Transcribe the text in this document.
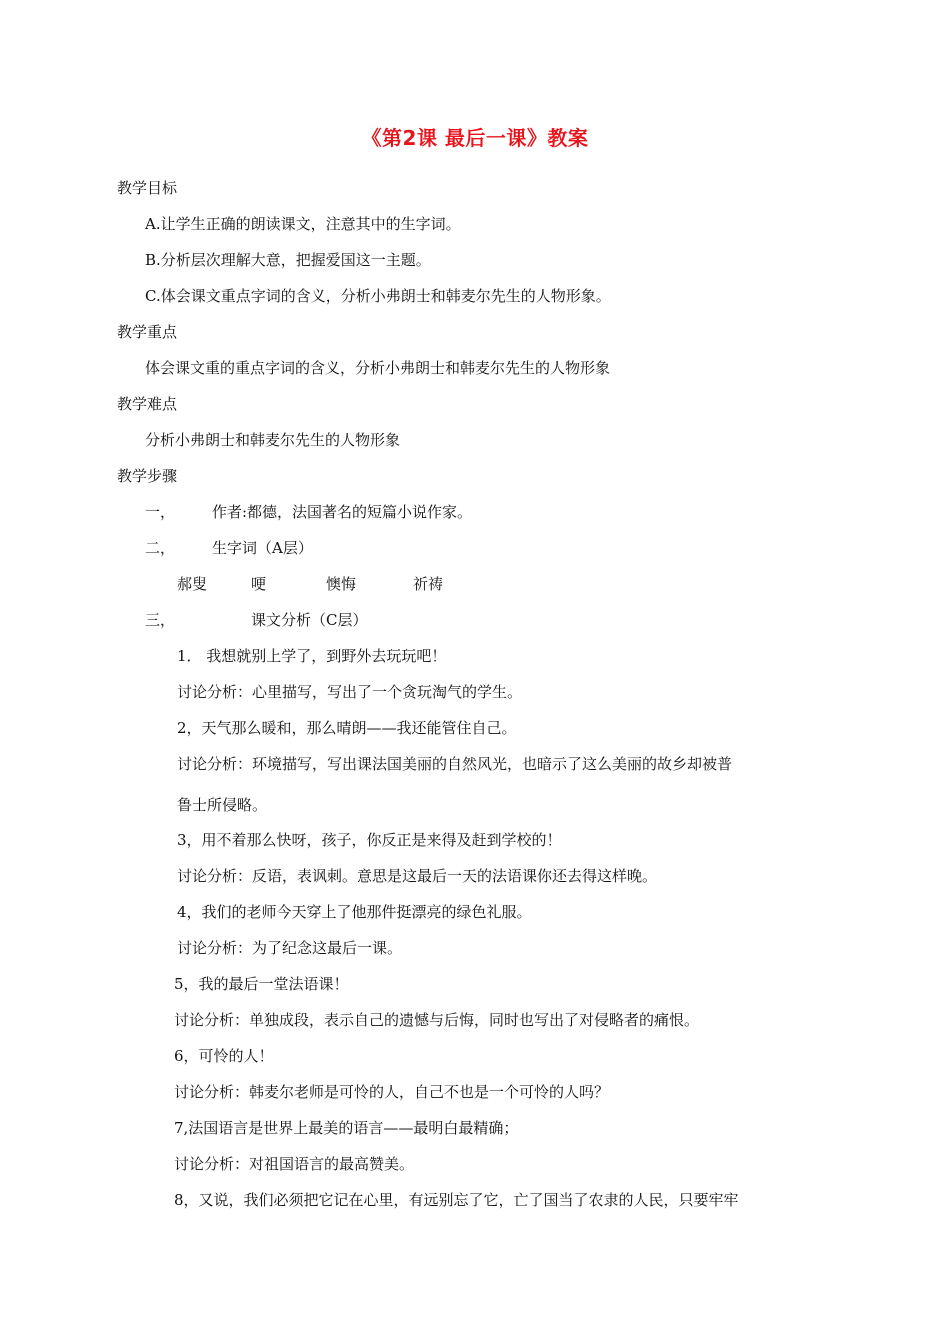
《第2课 最后一课》教案
教学目标
A.让学生正确的朗读课文，注意其中的生字词。
B.分析层次理解大意，把握爱国这一主题。
C.体会课文重点字词的含义，分析小弗朗士和韩麦尔先生的人物形象。
教学重点
体会课文重的重点字词的含义，分析小弗朗士和韩麦尔先生的人物形象
教学难点
分析小弗朗士和韩麦尔先生的人物形象
教学步骤
一， 作者:都德，法国著名的短篇小说作家。
二， 生字词（A层）
郝叟	哽	懊悔	祈祷
三，	课文分析（C层）
1． 我想就别上学了，到野外去玩玩吧！
讨论分析：心里描写，写出了一个贪玩淘气的学生。
2，天气那么暖和，那么晴朗——我还能管住自己。
讨论分析：环境描写，写出课法国美丽的自然风光，也暗示了这么美丽的故乡却被普
鲁士所侵略。
3，用不着那么快呀，孩子，你反正是来得及赶到学校的！
讨论分析：反语，表讽刺。意思是这最后一天的法语课你还去得这样晚。
4，我们的老师今天穿上了他那件挺漂亮的绿色礼服。
讨论分析：为了纪念这最后一课。
5，我的最后一堂法语课！
讨论分析：单独成段，表示自己的遗憾与后悔，同时也写出了对侵略者的痛恨。
6，可怜的人！
讨论分析：韩麦尔老师是可怜的人，自己不也是一个可怜的人吗？
7,法国语言是世界上最美的语言——最明白最精确；
讨论分析：对祖国语言的最高赞美。
8，又说，我们必须把它记在心里，有远别忘了它，亡了国当了农隶的人民，只要牢牢
